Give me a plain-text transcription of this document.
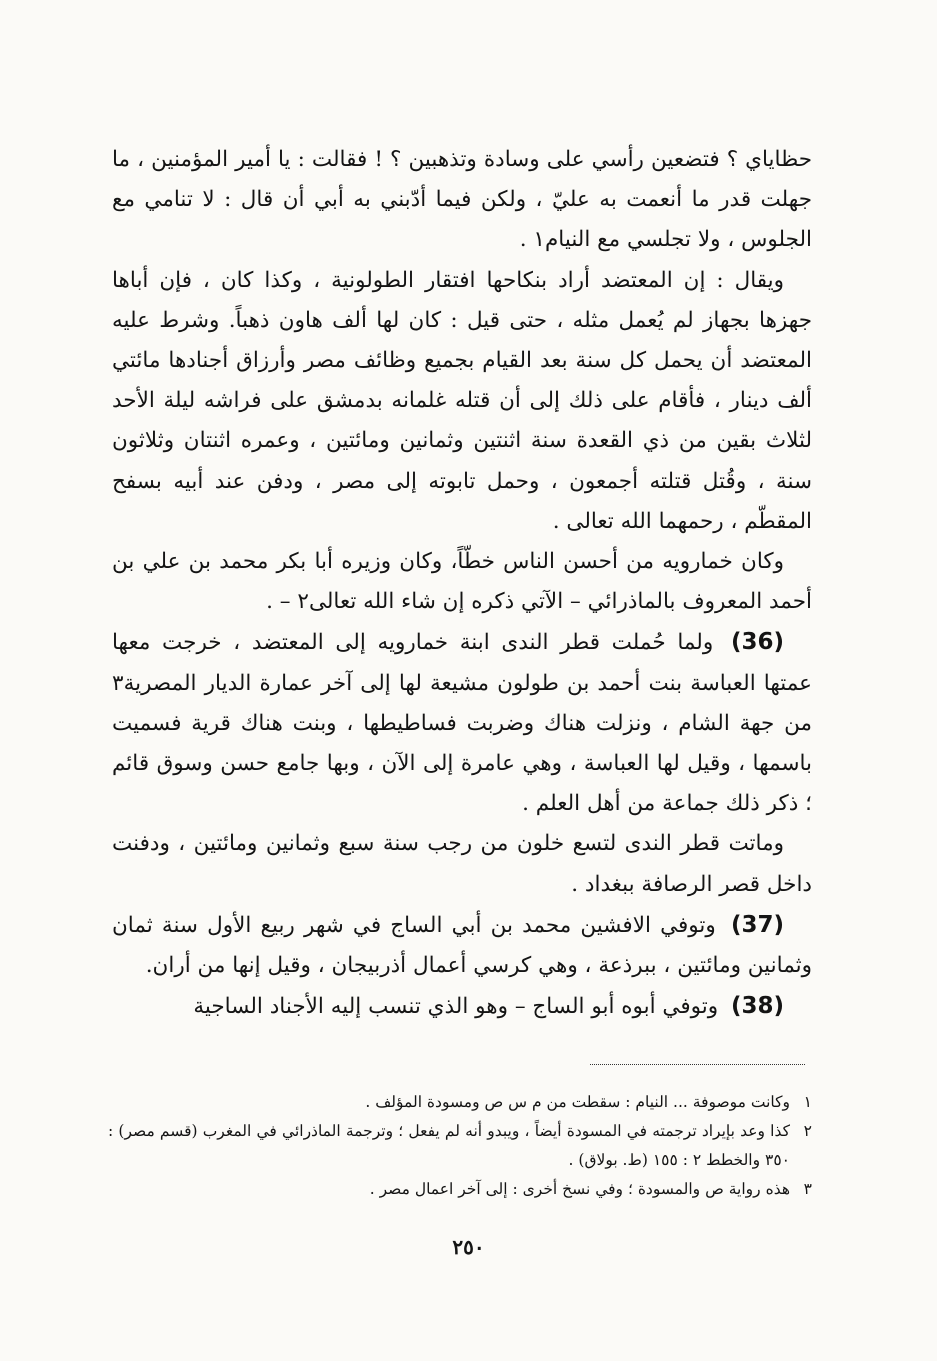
حظاياي ؟ فتضعين رأسي على وسادة وتذهبين ؟ ! فقالت : يا أمير المؤمنين ، ما جهلت قدر ما أنعمت به عليّ ، ولكن فيما أدّبني به أبي أن قال : لا تنامي مع الجلوس ، ولا تجلسي مع النيام١ .

ويقال : إن المعتضد أراد بنكاحها افتقار الطولونية ، وكذا كان ، فإن أباها جهزها بجهاز لم يُعمل مثله ، حتى قيل : كان لها ألف هاون ذهباً. وشرط عليه المعتضد أن يحمل كل سنة بعد القيام بجميع وظائف مصر وأرزاق أجنادها مائتي ألف دينار ، فأقام على ذلك إلى أن قتله غلمانه بدمشق على فراشه ليلة الأحد لثلاث بقين من ذي القعدة سنة اثنتين وثمانين ومائتين ، وعمره اثنتان وثلاثون سنة ، وقُتل قتلته أجمعون ، وحمل تابوته إلى مصر ، ودفن عند أبيه بسفح المقطّم ، رحمهما الله تعالى .

وكان خمارويه من أحسن الناس خطّاً، وكان وزيره أبا بكر محمد بن علي بن أحمد المعروف بالماذرائي – الآتي ذكره إن شاء الله تعالى٢ – .

(36) ولما حُملت قطر الندى ابنة خمارويه إلى المعتضد ، خرجت معها عمتها العباسة بنت أحمد بن طولون مشيعة لها إلى آخر عمارة الديار المصرية٣ من جهة الشام ، ونزلت هناك وضربت فساطيطها ، وبنت هناك قرية فسميت باسمها ، وقيل لها العباسة ، وهي عامرة إلى الآن ، وبها جامع حسن وسوق قائم ؛ ذكر ذلك جماعة من أهل العلم .

وماتت قطر الندى لتسع خلون من رجب سنة سبع وثمانين ومائتين ، ودفنت داخل قصر الرصافة ببغداد .

(37) وتوفي الافشين محمد بن أبي الساج في شهر ربيع الأول سنة ثمان وثمانين ومائتين ، ببرذعة ، وهي كرسي أعمال أذربيجان ، وقيل إنها من أران.

(38) وتوفي أبوه أبو الساج – وهو الذي تنسب إليه الأجناد الساجية

١
وكانت موصوفة ... النيام : سقطت من م س ص ومسودة المؤلف .
٢
كذا وعد بإيراد ترجمته في المسودة أيضاً ، ويبدو أنه لم يفعل ؛ وترجمة الماذرائي في المغرب (قسم مصر) : ٣٥٠ والخطط ٢ : ١٥٥ (ط. بولاق) .
٣
هذه رواية ص والمسودة ؛ وفي نسخ أخرى : إلى آخر اعمال مصر .
٢٥٠
